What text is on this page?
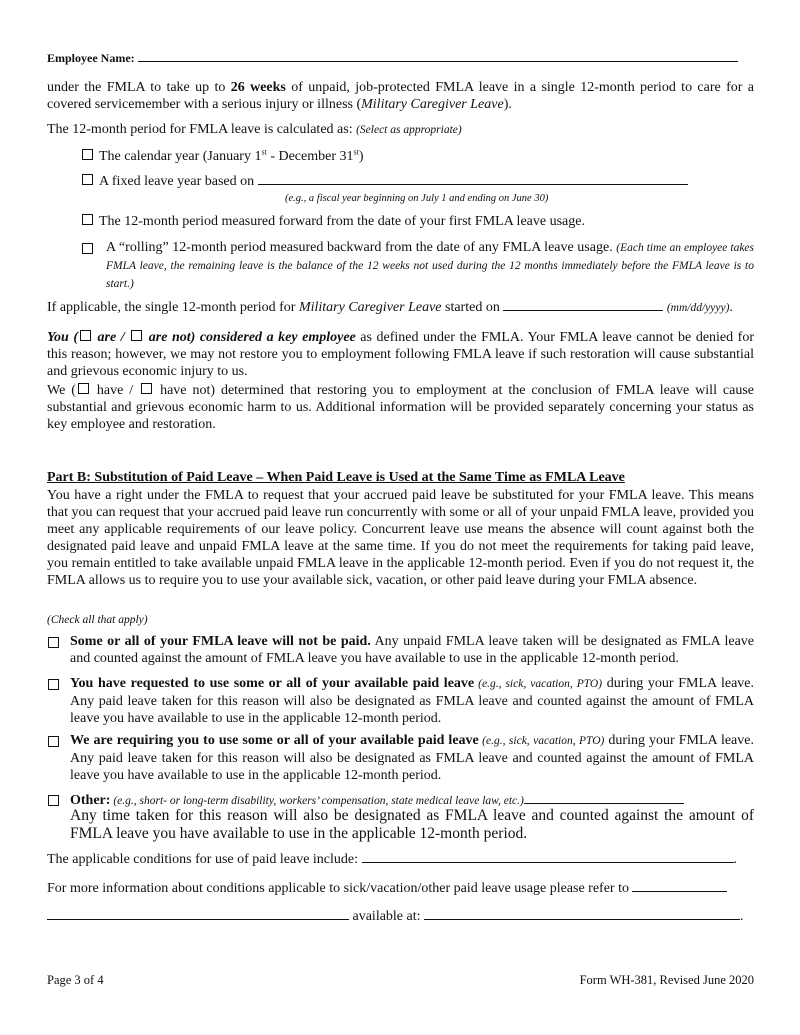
Employee Name:
under the FMLA to take up to 26 weeks of unpaid, job-protected FMLA leave in a single 12-month period to care for a covered servicemember with a serious injury or illness (Military Caregiver Leave).
The 12-month period for FMLA leave is calculated as: (Select as appropriate)
The calendar year (January 1st - December 31st)
A fixed leave year based on
(e.g., a fiscal year beginning on July 1 and ending on June 30)
The 12-month period measured forward from the date of your first FMLA leave usage.
A “rolling” 12-month period measured backward from the date of any FMLA leave usage. (Each time an employee takes FMLA leave, the remaining leave is the balance of the 12 weeks not used during the 12 months immediately before the FMLA leave is to start.)
If applicable, the single 12-month period for Military Caregiver Leave started on	(mm/dd/yyyy).
You ( are /  are not) considered a key employee as defined under the FMLA. Your FMLA leave cannot be denied for this reason; however, we may not restore you to employment following FMLA leave if such restoration will cause substantial and grievous economic injury to us.
We ( have /  have not) determined that restoring you to employment at the conclusion of FMLA leave will cause substantial and grievous economic harm to us. Additional information will be provided separately concerning your status as key employee and restoration.
Part B: Substitution of Paid Leave – When Paid Leave is Used at the Same Time as FMLA Leave
You have a right under the FMLA to request that your accrued paid leave be substituted for your FMLA leave. This means that you can request that your accrued paid leave run concurrently with some or all of your unpaid FMLA leave, provided you meet any applicable requirements of our leave policy. Concurrent leave use means the absence will count against both the designated paid leave and unpaid FMLA leave at the same time. If you do not meet the requirements for taking paid leave, you remain entitled to take available unpaid FMLA leave in the applicable 12-month period. Even if you do not request it, the FMLA allows us to require you to use your available sick, vacation, or other paid leave during your FMLA absence.
(Check all that apply)
Some or all of your FMLA leave will not be paid. Any unpaid FMLA leave taken will be designated as FMLA leave and counted against the amount of FMLA leave you have available to use in the applicable 12-month period.
You have requested to use some or all of your available paid leave (e.g., sick, vacation, PTO) during your FMLA leave. Any paid leave taken for this reason will also be designated as FMLA leave and counted against the amount of FMLA leave you have available to use in the applicable 12-month period.
We are requiring you to use some or all of your available paid leave (e.g., sick, vacation, PTO) during your FMLA leave. Any paid leave taken for this reason will also be designated as FMLA leave and counted against the amount of FMLA leave you have available to use in the applicable 12-month period.
Other: (e.g., short- or long-term disability, workers’ compensation, state medical leave law, etc.)
Any time taken for this reason will also be designated as FMLA leave and counted against the amount of FMLA leave you have available to use in the applicable 12-month period.
The applicable conditions for use of paid leave include:	.
For more information about conditions applicable to sick/vacation/other paid leave usage please refer to
available at:	.
Page 3 of 4	Form WH-381, Revised June 2020
